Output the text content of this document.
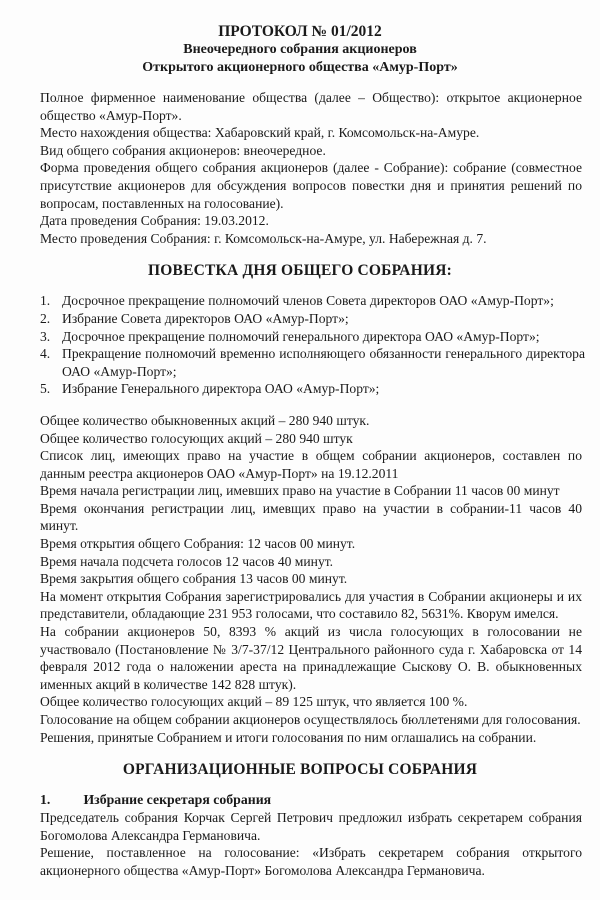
ПРОТОКОЛ № 01/2012
Внеочередного собрания акционеров
Открытого акционерного общества «Амур-Порт»

Полное фирменное наименование общества (далее – Общество): открытое акционерное общество «Амур-Порт».

Место нахождения общества: Хабаровский край, г. Комсомольск-на-Амуре.

Вид общего собрания акционеров: внеочередное.

Форма проведения общего собрания акционеров (далее - Собрание): собрание (совместное присутствие акционеров для обсуждения вопросов повестки дня и принятия решений по вопросам, поставленных на голосование).

Дата проведения Собрания: 19.03.2012.

Место проведения Собрания: г. Комсомольск-на-Амуре, ул. Набережная д. 7.

ПОВЕСТКА ДНЯ ОБЩЕГО СОБРАНИЯ:
1. Досрочное прекращение полномочий членов Совета директоров ОАО «Амур-Порт»;
2. Избрание Совета директоров ОАО «Амур-Порт»;
3. Досрочное прекращение полномочий генерального директора ОАО «Амур-Порт»;
4. Прекращение полномочий временно исполняющего обязанности генерального директора ОАО «Амур-Порт»;
5. Избрание Генерального директора ОАО «Амур-Порт»;

Общее количество обыкновенных акций – 280 940 штук.

Общее количество голосующих акций – 280 940 штук

Список лиц, имеющих право на участие в общем собрании акционеров, составлен по данным реестра акционеров ОАО «Амур-Порт» на 19.12.2011

Время начала регистрации лиц, имевших право на участие в Собрании 11 часов 00 минут

Время окончания регистрации лиц, имевщих право на участии в собрании-11 часов 40 минут.

Время открытия общего Собрания: 12 часов 00 минут.

Время начала подсчета голосов 12 часов 40 минут.

Время закрытия общего собрания 13 часов 00 минут.

На момент открытия Собрания зарегистрировались для участия в Собрании акционеры и их представители, обладающие 231 953 голосами, что составило 82, 5631%. Кворум имелся.

На собрании акционеров 50, 8393 % акций из числа голосующих в голосовании не участвовало (Постановление № 3/7-37/12 Центрального районного суда г. Хабаровска от 14 февраля 2012 года о наложении ареста на принадлежащие Сыскову О. В. обыкновенных именных акций в количестве 142 828 штук).

Общее количество голосующих акций – 89 125 штук, что является 100 %.

Голосование на общем собрании акционеров осуществлялось бюллетенями для голосования.

Решения, принятые Собранием и итоги голосования по ним оглашались на собрании.

ОРГАНИЗАЦИОННЫЕ ВОПРОСЫ СОБРАНИЯ
1. Избрание секретаря собрания

Председатель собрания Корчак Сергей Петрович предложил избрать секретарем собрания Богомолова Александра Германовича.

Решение, поставленное на голосование: «Избрать секретарем собрания открытого акционерного общества «Амур-Порт» Богомолова Александра Германовича.
